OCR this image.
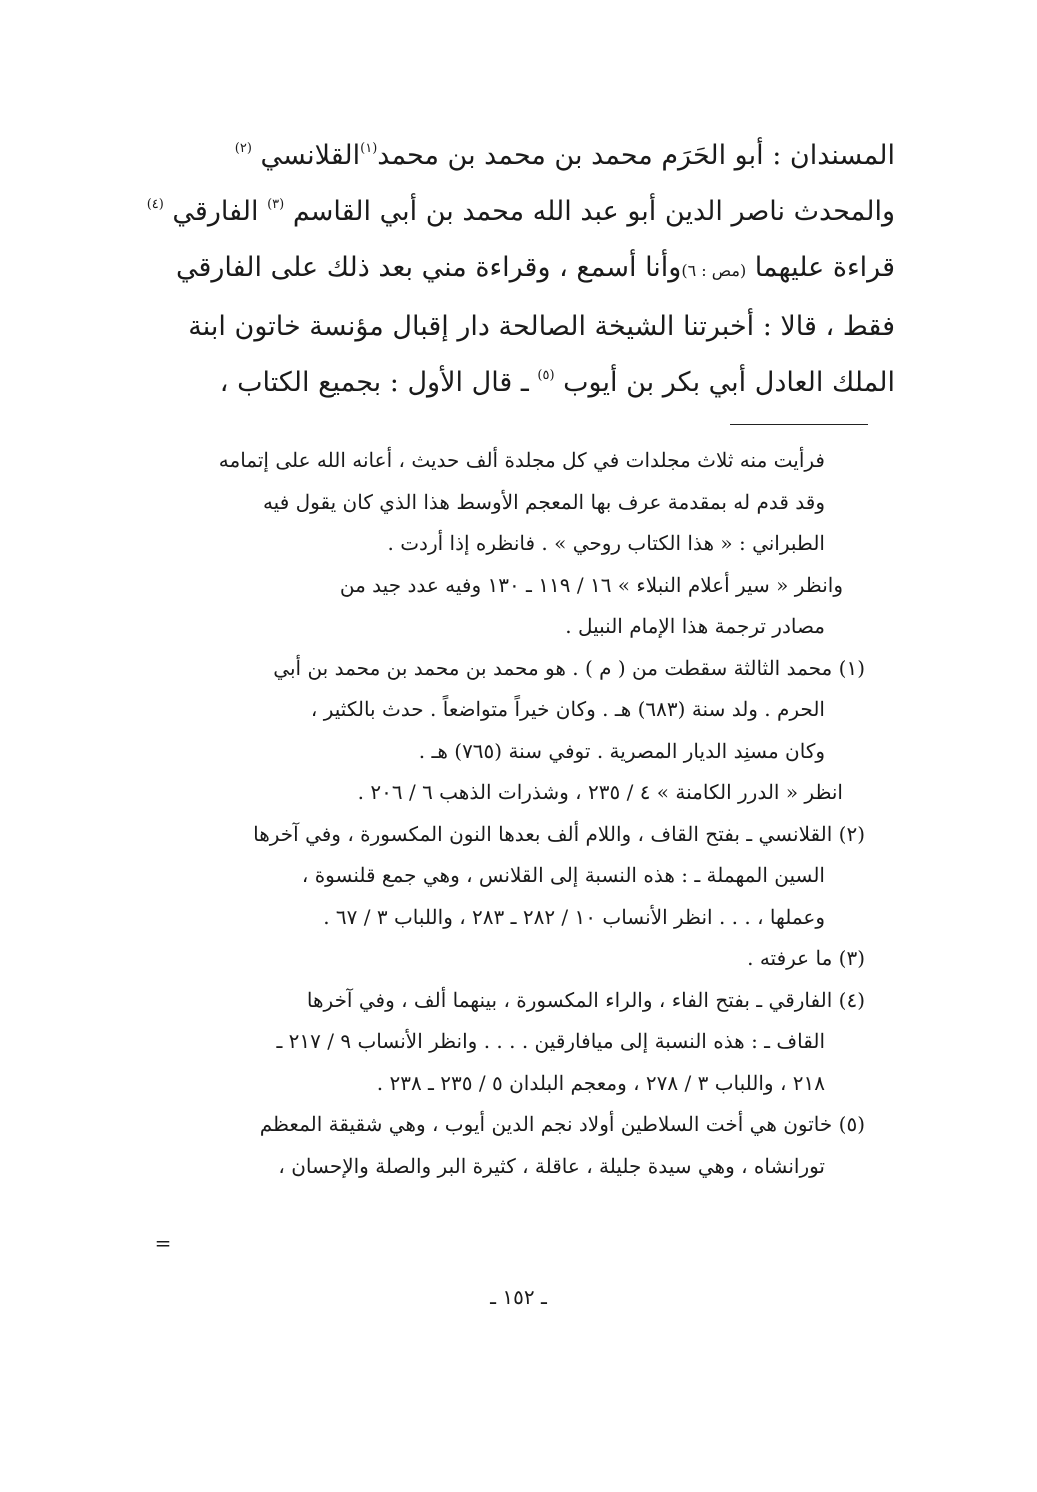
المسندان : أبو الحَرَم محمد بن محمد بن محمد$^{(١)}$القلانسي $^{(٢)}$

والمحدث ناصر الدين أبو عبد الله محمد بن أبي القاسم $^{(٣)}$ الفارقي $^{(٤)}$

قراءة عليهما (مص : ٦)وأنا أسمع ، وقراءة مني بعد ذلك على الفارقي

فقط ، قالا : أخبرتنا الشيخة الصالحة دار إقبال مؤنسة خاتون ابنة

الملك العادل أبي بكر بن أيوب $^{(٥)}$ ـ قال الأول : بجميع الكتاب ،

فرأيت منه ثلاث مجلدات في كل مجلدة ألف حديث ، أعانه الله على إتمامه

وقد قدم له بمقدمة عرف بها المعجم الأوسط هذا الذي كان يقول فيه

الطبراني : « هذا الكتاب روحي » . فانظره إذا أردت .

وانظر « سير أعلام النبلاء » ١٦ / ١١٩ ـ ١٣٠ وفيه عدد جيد من

مصادر ترجمة هذا الإمام النبيل .

(١) محمد الثالثة سقطت من ( م ) . هو محمد بن محمد بن محمد بن أبي

الحرم . ولد سنة (٦٨٣) هـ . وكان خيراً متواضعاً . حدث بالكثير ،

وكان مسنِد الديار المصرية . توفي سنة (٧٦٥) هـ .

انظر « الدرر الكامنة » ٤ / ٢٣٥ ، وشذرات الذهب ٦ / ٢٠٦ .

(٢) القلانسي ـ بفتح القاف ، واللام ألف بعدها النون المكسورة ، وفي آخرها

السين المهملة ـ : هذه النسبة إلى القلانس ، وهي جمع قلنسوة ،

وعملها ، . . . انظر الأنساب ١٠ / ٢٨٢ ـ ٢٨٣ ، واللباب ٣ / ٦٧ .

(٣) ما عرفته .

(٤) الفارقي ـ بفتح الفاء ، والراء المكسورة ، بينهما ألف ، وفي آخرها

القاف ـ : هذه النسبة إلى ميافارقين . . . . وانظر الأنساب ٩ / ٢١٧ ـ

٢١٨ ، واللباب ٣ / ٢٧٨ ، ومعجم البلدان ٥ / ٢٣٥ ـ ٢٣٨ .

(٥) خاتون هي أخت السلاطين أولاد نجم الدين أيوب ، وهي شقيقة المعظم

تورانشاه ، وهي سيدة جليلة ، عاقلة ، كثيرة البر والصلة والإحسان ،

=
ـ ١٥٢ ـ
